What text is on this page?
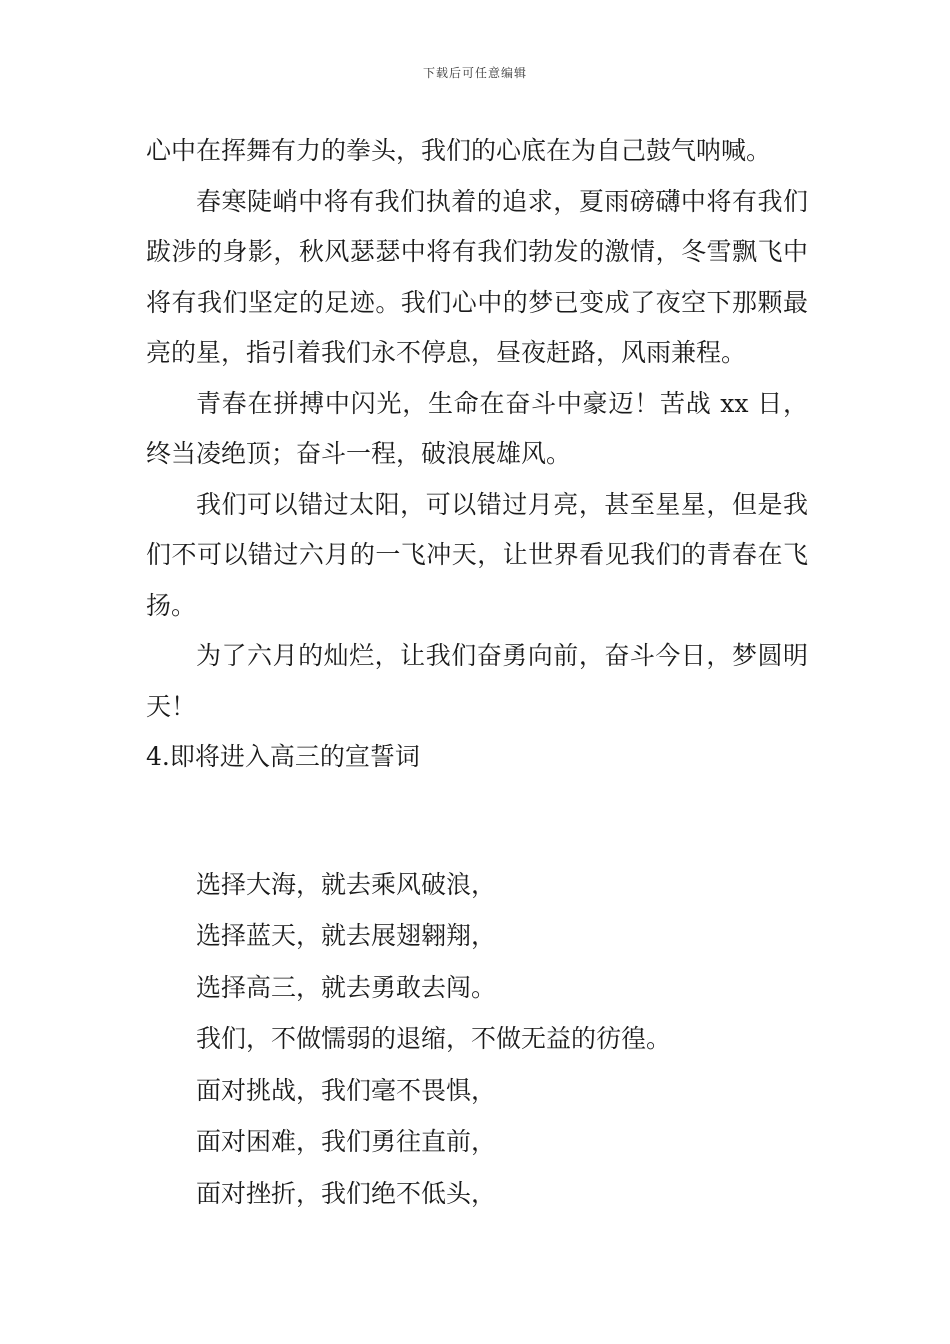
下载后可任意编辑

心中在挥舞有力的拳头，我们的心底在为自己鼓气呐喊。

春寒陡峭中将有我们执着的追求，夏雨磅礴中将有我们跋涉的身影，秋风瑟瑟中将有我们勃发的激情，冬雪飘飞中将有我们坚定的足迹。我们心中的梦已变成了夜空下那颗最亮的星，指引着我们永不停息，昼夜赶路，风雨兼程。

青春在拼搏中闪光，生命在奋斗中豪迈！苦战 xx 日，终当凌绝顶；奋斗一程，破浪展雄风。

我们可以错过太阳，可以错过月亮，甚至星星，但是我们不可以错过六月的一飞冲天，让世界看见我们的青春在飞扬。

为了六月的灿烂，让我们奋勇向前，奋斗今日，梦圆明天！

4.即将进入高三的宣誓词

选择大海，就去乘风破浪，

选择蓝天，就去展翅翱翔，

选择高三，就去勇敢去闯。

我们，不做懦弱的退缩，不做无益的彷徨。

面对挑战，我们毫不畏惧，

面对困难，我们勇往直前，

面对挫折，我们绝不低头，
